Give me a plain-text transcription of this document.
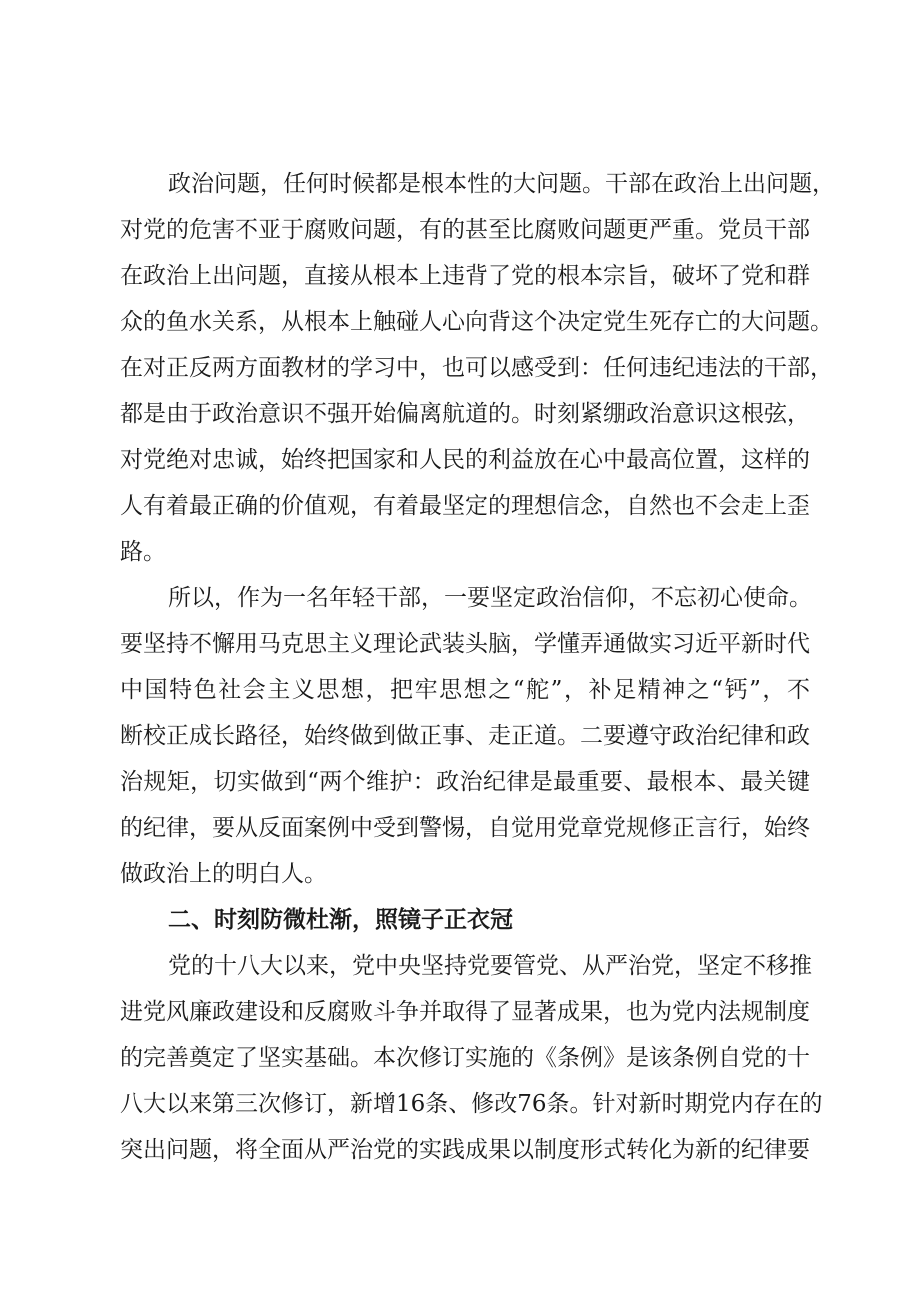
政治问题，任何时候都是根本性的大问题。干部在政治上出问题，
对党的危害不亚于腐败问题，有的甚至比腐败问题更严重。党员干部
在政治上出问题，直接从根本上违背了党的根本宗旨，破坏了党和群
众的鱼水关系，从根本上触碰人心向背这个决定党生死存亡的大问题。
在对正反两方面教材的学习中，也可以感受到：任何违纪违法的干部，
都是由于政治意识不强开始偏离航道的。时刻紧绷政治意识这根弦，
对党绝对忠诚，始终把国家和人民的利益放在心中最高位置，这样的
人有着最正确的价值观，有着最坚定的理想信念，自然也不会走上歪
路。
所以，作为一名年轻干部，一要坚定政治信仰，不忘初心使命。
要坚持不懈用马克思主义理论武装头脑，学懂弄通做实习近平新时代
中国特色社会主义思想，把牢思想之“舵”，补足精神之“钙”，不
断校正成长路径，始终做到做正事、走正道。二要遵守政治纪律和政
治规矩，切实做到“两个维护：政治纪律是最重要、最根本、最关键
的纪律，要从反面案例中受到警惕，自觉用党章党规修正言行，始终
做政治上的明白人。
二、时刻防微杜渐，照镜子正衣冠
党的十八大以来，党中央坚持党要管党、从严治党，坚定不移推
进党风廉政建设和反腐败斗争并取得了显著成果，也为党内法规制度
的完善奠定了坚实基础。本次修订实施的《条例》是该条例自党的十
八大以来第三次修订，新增16条、修改76条。针对新时期党内存在的
突出问题，将全面从严治党的实践成果以制度形式转化为新的纪律要
